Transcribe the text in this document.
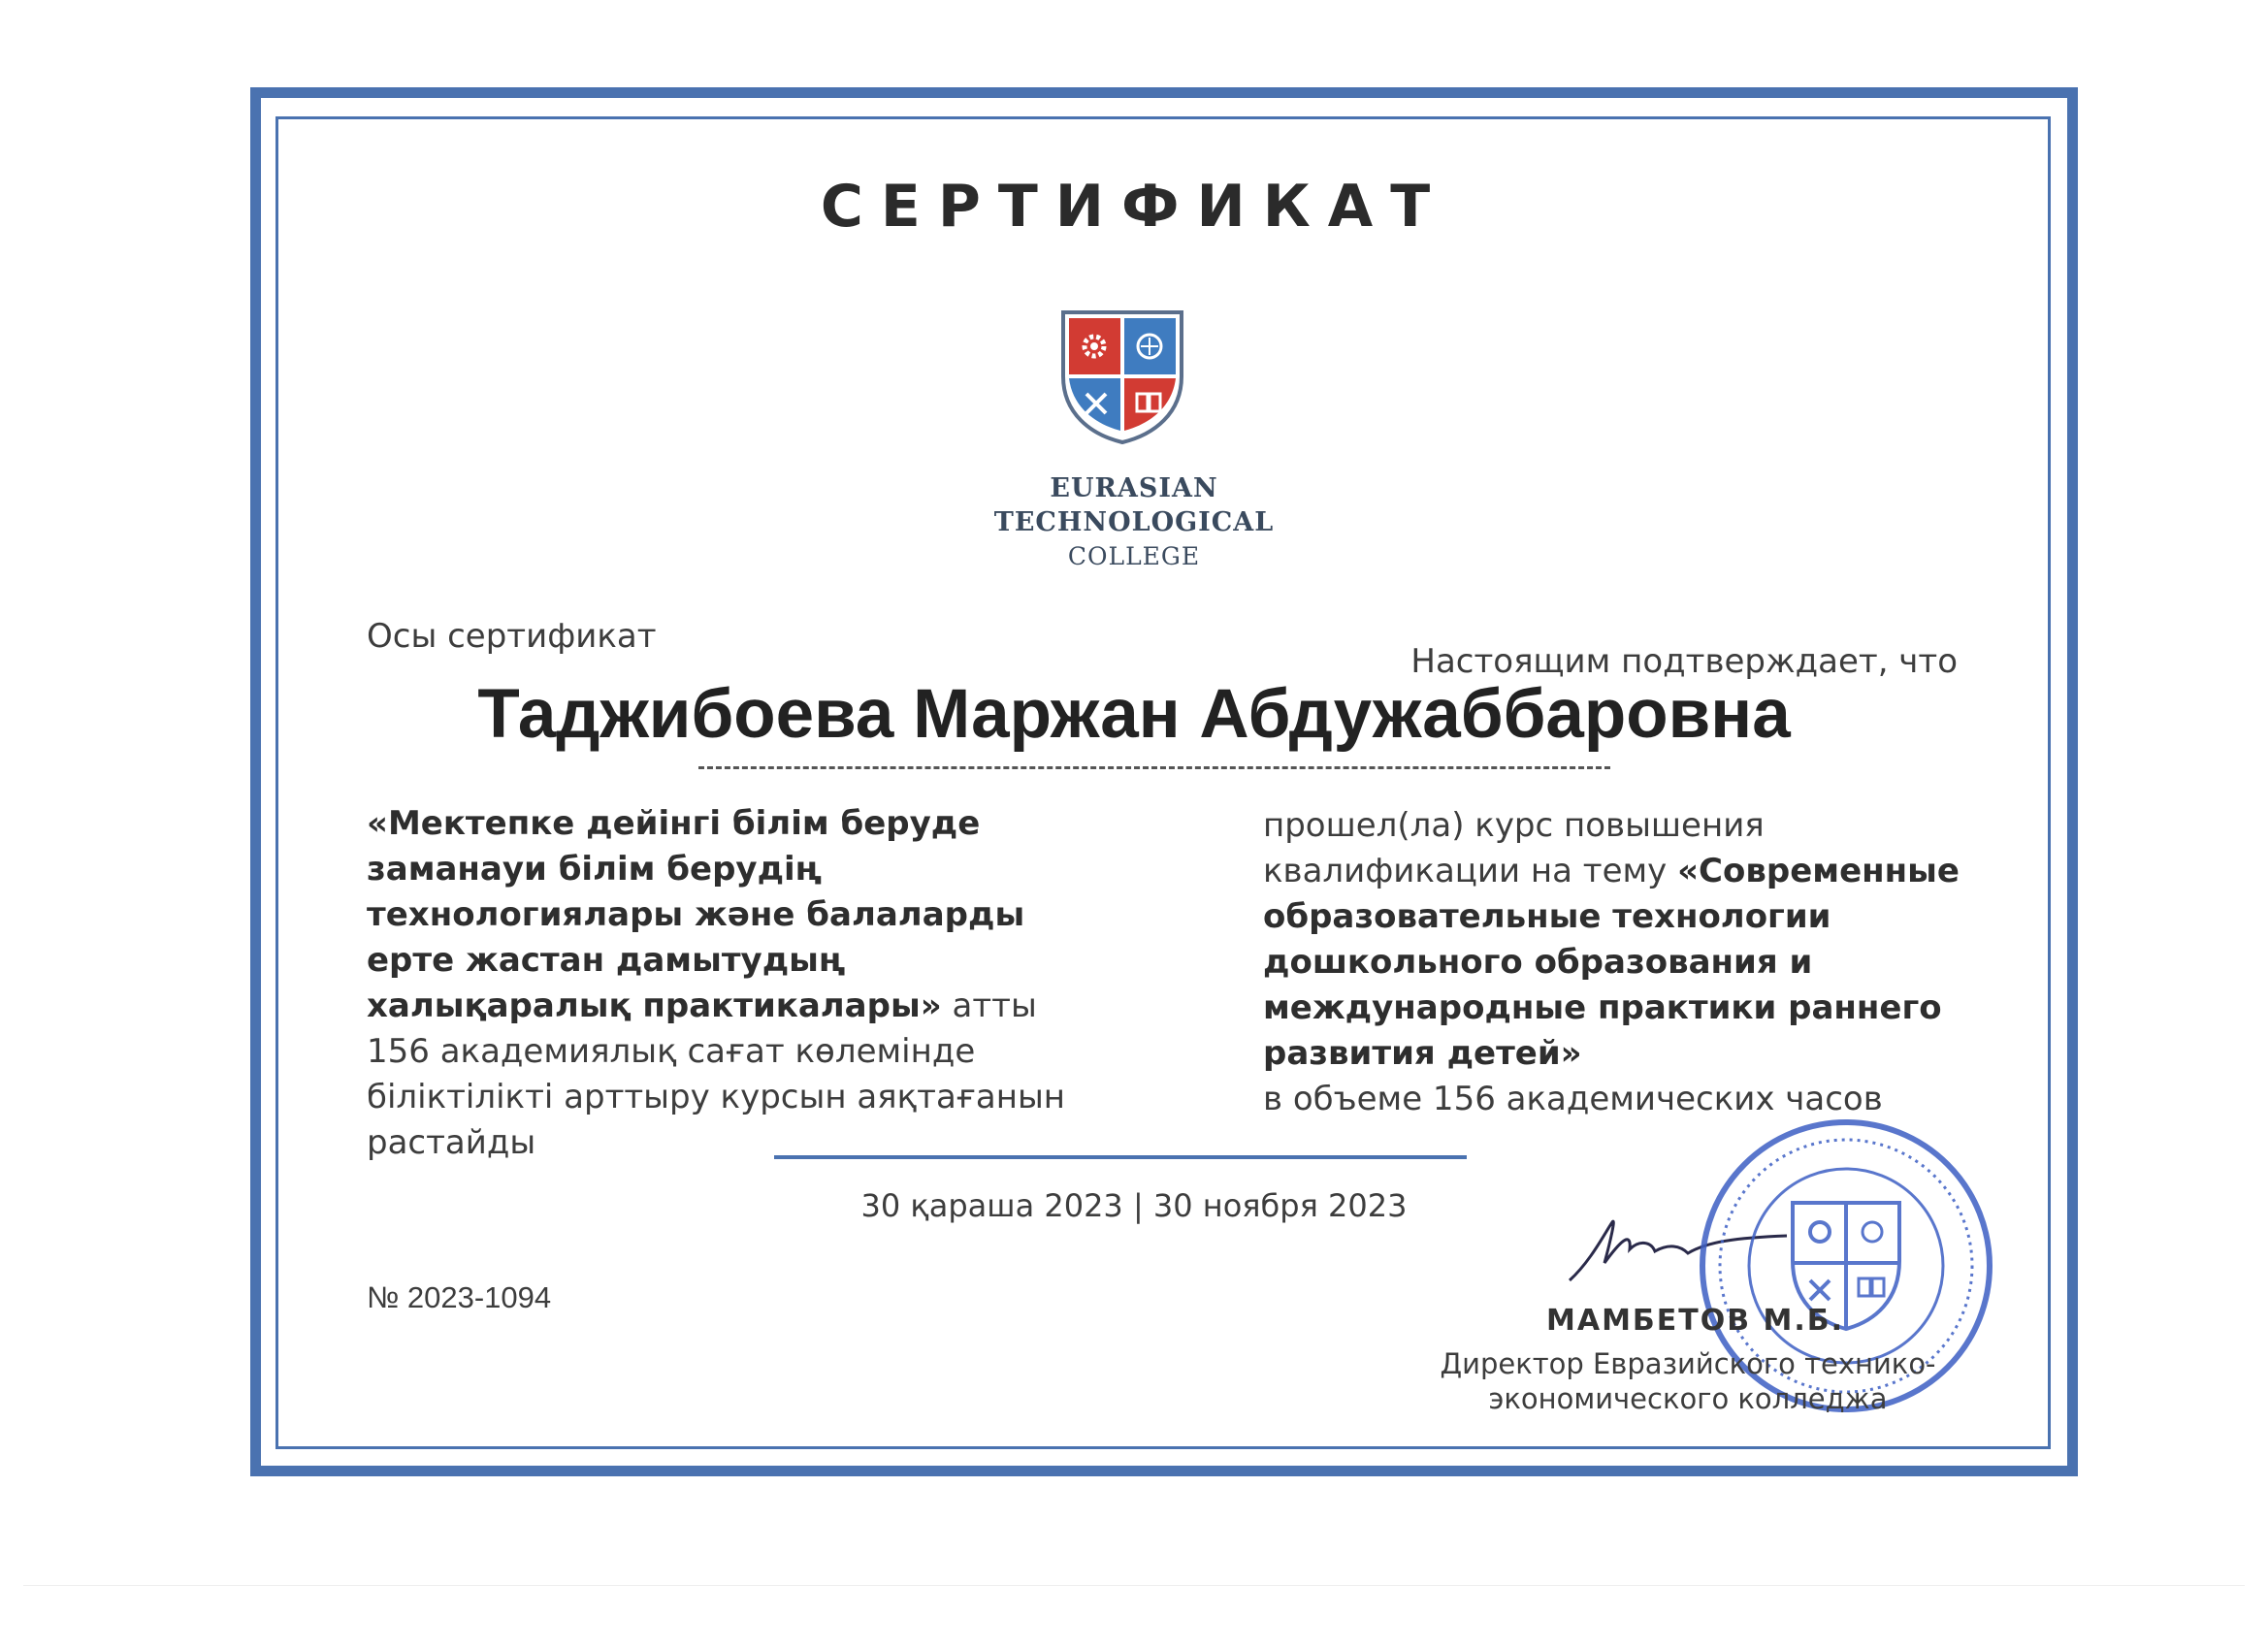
СЕРТИФИКАТ
EURASIAN
TECHNOLOGICAL
COLLEGE
Осы сертификат
Настоящим подтверждает, что
Таджибоева Маржан Абдужаббаровна
«Мектепке дейінгі білім беруде заманауи білім берудің технологиялары және балаларды ерте жастан дамытудың халықаралық практикалары» атты 156 академиялық сағат көлемінде біліктілікті арттыру курсын аяқтағанын растайды
прошел(ла) курс повышения квалификации на тему «Современные образовательные технологии дошкольного образования и международные практики раннего развития детей»
в объеме 156 академических часов
30 қараша 2023 | 30 ноября 2023
№ 2023-1094
МАМБЕТОВ М.Б.
Директор Евразийского технико-
экономического колледжа
